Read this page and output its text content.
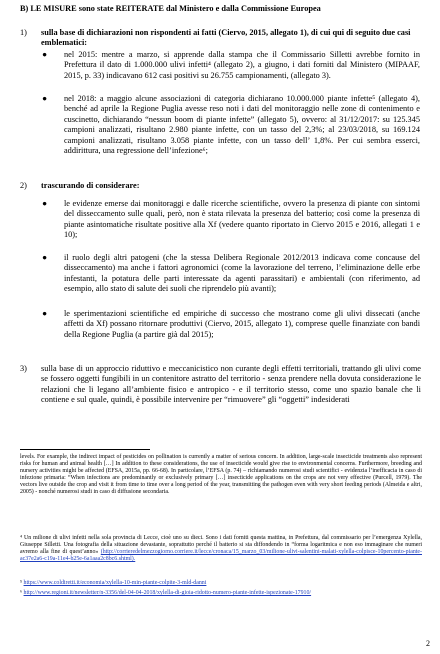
B) LE MISURE sono state REITERATE dal Ministero e dalla Commissione Europea
1) sulla base di dichiarazioni non rispondenti ai fatti (Ciervo, 2015, allegato 1), di cui qui di seguito due casi emblematici:
● nel 2015: mentre a marzo, si apprende dalla stampa che il Commissario Silletti avrebbe fornito in Prefettura il dato di 1.000.000 ulivi infetti⁴ (allegato 2), a giugno, i dati forniti dal Ministero (MIPAAF, 2015, p. 33) indicavano 612 casi positivi su 26.755 campionamenti, (allegato 3).
● nel 2018: a maggio alcune associazioni di categoria dichiarano 10.000.000 piante infette⁵ (allegato 4), benché ad aprile la Regione Puglia avesse reso noti i dati del monitoraggio nelle zone di contenimento e cuscinetto, dichiarando “nessun boom di piante infette” (allegato 5), ovvero: al 31/12/2017: su 125.345 campioni analizzati, risultano 2.980 piante infette, con un tasso del 2,3%; al 23/03/2018, su 169.124 campioni analizzati, risultano 3.058 piante infette, con un tasso dell’ 1,8%. Per cui sembra esserci, addirittura, una regressione dell’infezione⁶;
2) trascurando di considerare:
● le evidenze emerse dai monitoraggi e dalle ricerche scientifiche, ovvero la presenza di piante con sintomi del disseccamento sulle quali, però, non è stata rilevata la presenza del batterio; così come la presenza di piante asintomatiche risultate positive alla Xf (vedere quanto riportato in Ciervo 2015 e 2016, allegati 1 e 10);
● il ruolo degli altri patogeni (che la stessa Delibera Regionale 2012/2013 indicava come concause del disseccamento) ma anche i fattori agronomici (come la lavorazione del terreno, l’eliminazione delle erbe infestanti, la potatura delle parti interessate da agenti parassitari) e ambientali (con riferimento, ad esempio, allo stato di salute dei suoli che riprendelo più avanti);
● le sperimentazioni scientifiche ed empiriche di successo che mostrano come gli ulivi dissecati (anche affetti da Xf) possano ritornare produttivi (Ciervo, 2015, allegato 1), comprese quelle finanziate con bandi della Regione Puglia (a partire già dal 2015);
3) sulla base di un approccio riduttivo e meccanicistico non curante degli effetti territoriali, trattando gli ulivi come se fossero oggetti fungibili in un contenitore astratto del territorio - senza prendere nella dovuta considerazione le relazioni che li legano all’ambiente fisico e antropico - e il territorio stesso, come uno spazio banale che li contiene e sul quale, quindi, è possibile intervenire per “rimuovere” gli “oggetti” indesiderati
levels. For example, the indirect impact of pesticides on pollination is currently a matter of serious concern. In addition, large-scale insecticide treatments also represent risks for human and animal health […] In addition to these considerations, the use of insecticide would give rise to environmental concerns. Furthermore, breeding and nursery activities might be affected (EFSA, 2015a, pp. 66-68). In particolare, l’EFSA (p. 74) – richiamando numerosi studi scientifici - evidenzia l’inefficacia in caso di infezione primaria: “When infections are predominantly or exclusively primary […] insecticide applications on the crops are not very effective (Purcell, 1979). The vectors live outside the crop and visit it from time to time over a long period of the year, transmitting the pathogen even with very short feeding periods (Almeida e altri, 2005) - nonché numerosi studi in caso di diffusione secondaria.
⁴ Un milione di ulivi infetti nella sola provincia di Lecce, cioè uno su dieci. Sono i dati forniti questa mattina, in Prefettura, dal commissario per l’emergenza Xylella, Giuseppe Silletti. Una fotografia della situazione devastante, soprattutto perché il batterio si sta diffondendo in “forma logaritmica e non eso immaginare che numeri avremo alla fine di quest’anno» (http://corrieredelmezzogiorno.corriere.it/lecce/cronaca/15_marzo_03/milione-ulivi-salentini-malati-xylella-colpisce-10percento-piante-ac37e2a6-c19a-11e4-b25e-6a1aaa2c8bc6.shtml).
⁵ https://www.coldiretti.it/economia/xylella-10-min-piante-colpite-3-mld-danni
⁶ http://www.regioni.it/newsletter/n-3356/del-04-04-2018/xylella-di-gioia-ridotto-numero-piante-infette-ispezionate-17910/
2
